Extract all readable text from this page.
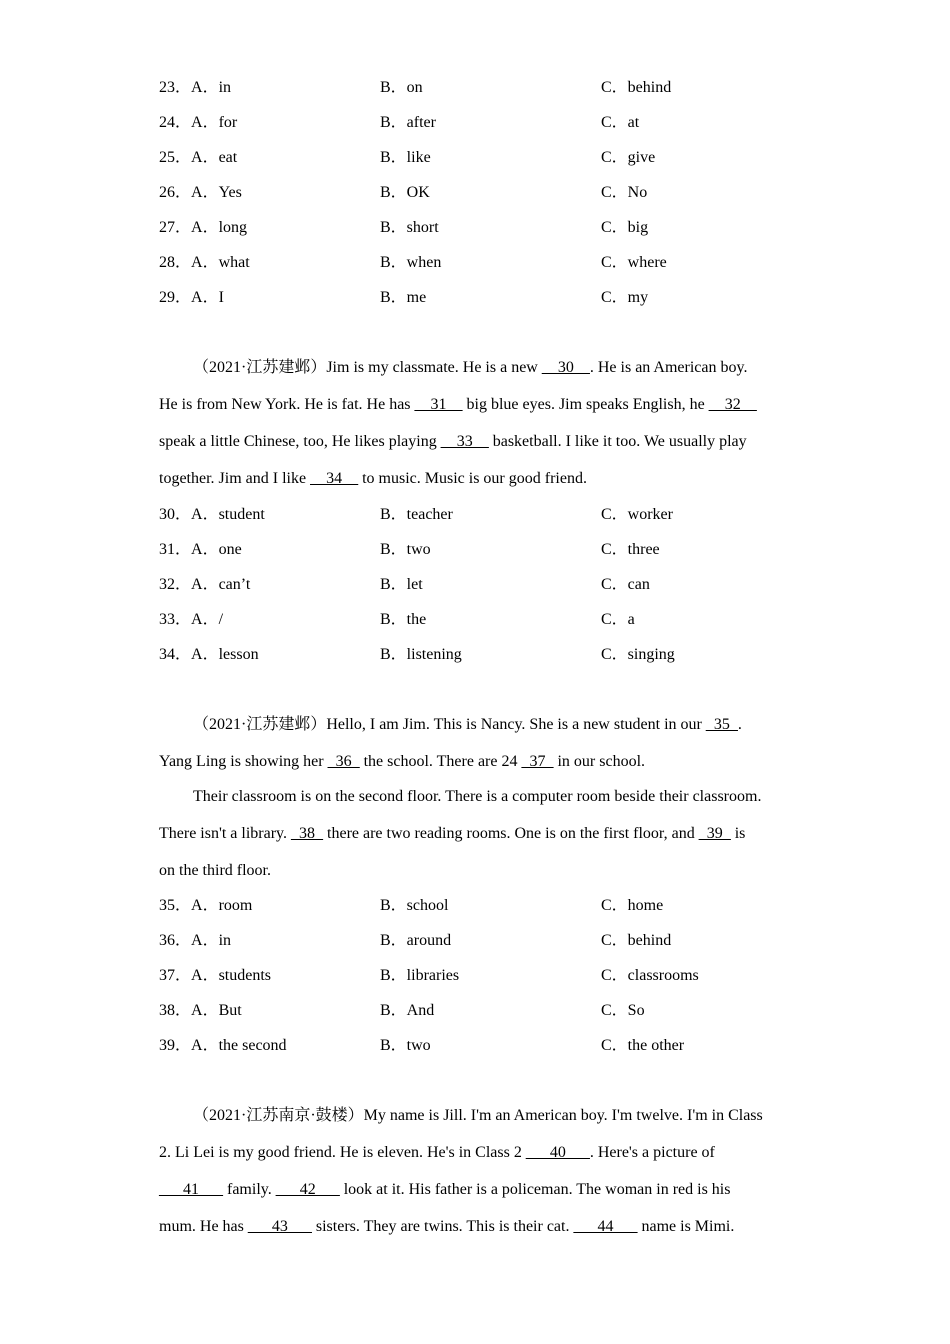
23．A．in	B．on	C．behind
24．A．for	B．after	C．at
25．A．eat	B．like	C．give
26．A．Yes	B．OK	C．No
27．A．long	B．short	C．big
28．A．what	B．when	C．where
29．A．I	B．me	C．my
（2021·江苏建邺）Jim is my classmate. He is a new __30__. He is an American boy.
He is from New York. He is fat. He has __31__ big blue eyes. Jim speaks English, he __32__
speak a little Chinese, too, He likes playing __33__ basketball. I like it too. We usually play
together. Jim and I like __34__ to music. Music is our good friend.
30．A．student	B．teacher	C．worker
31．A．one	B．two	C．three
32．A．can’t	B．let	C．can
33．A．/	B．the	C．a
34．A．lesson	B．listening	C．singing
（2021·江苏建邺）Hello, I am Jim. This is Nancy. She is a new student in our _35_.
Yang Ling is showing her _36_ the school. There are 24 _37_ in our school.
Their classroom is on the second floor. There is a computer room beside their classroom.
There isn't a library. _38_ there are two reading rooms. One is on the first floor, and _39_ is
on the third floor.
35．A．room	B．school	C．home
36．A．in	B．around	C．behind
37．A．students	B．libraries	C．classrooms
38．A．But	B．And	C．So
39．A．the second	B．two	C．the other
（2021·江苏南京·鼓楼）My name is Jill. I'm an American boy. I'm twelve. I'm in Class
2. Li Lei is my good friend. He is eleven. He's in Class 2 ___40___. Here's a picture of
___41___ family. ___42___ look at it. His father is a policeman. The woman in red is his
mum. He has ___43___ sisters. They are twins. This is their cat. ___44___ name is Mimi.
